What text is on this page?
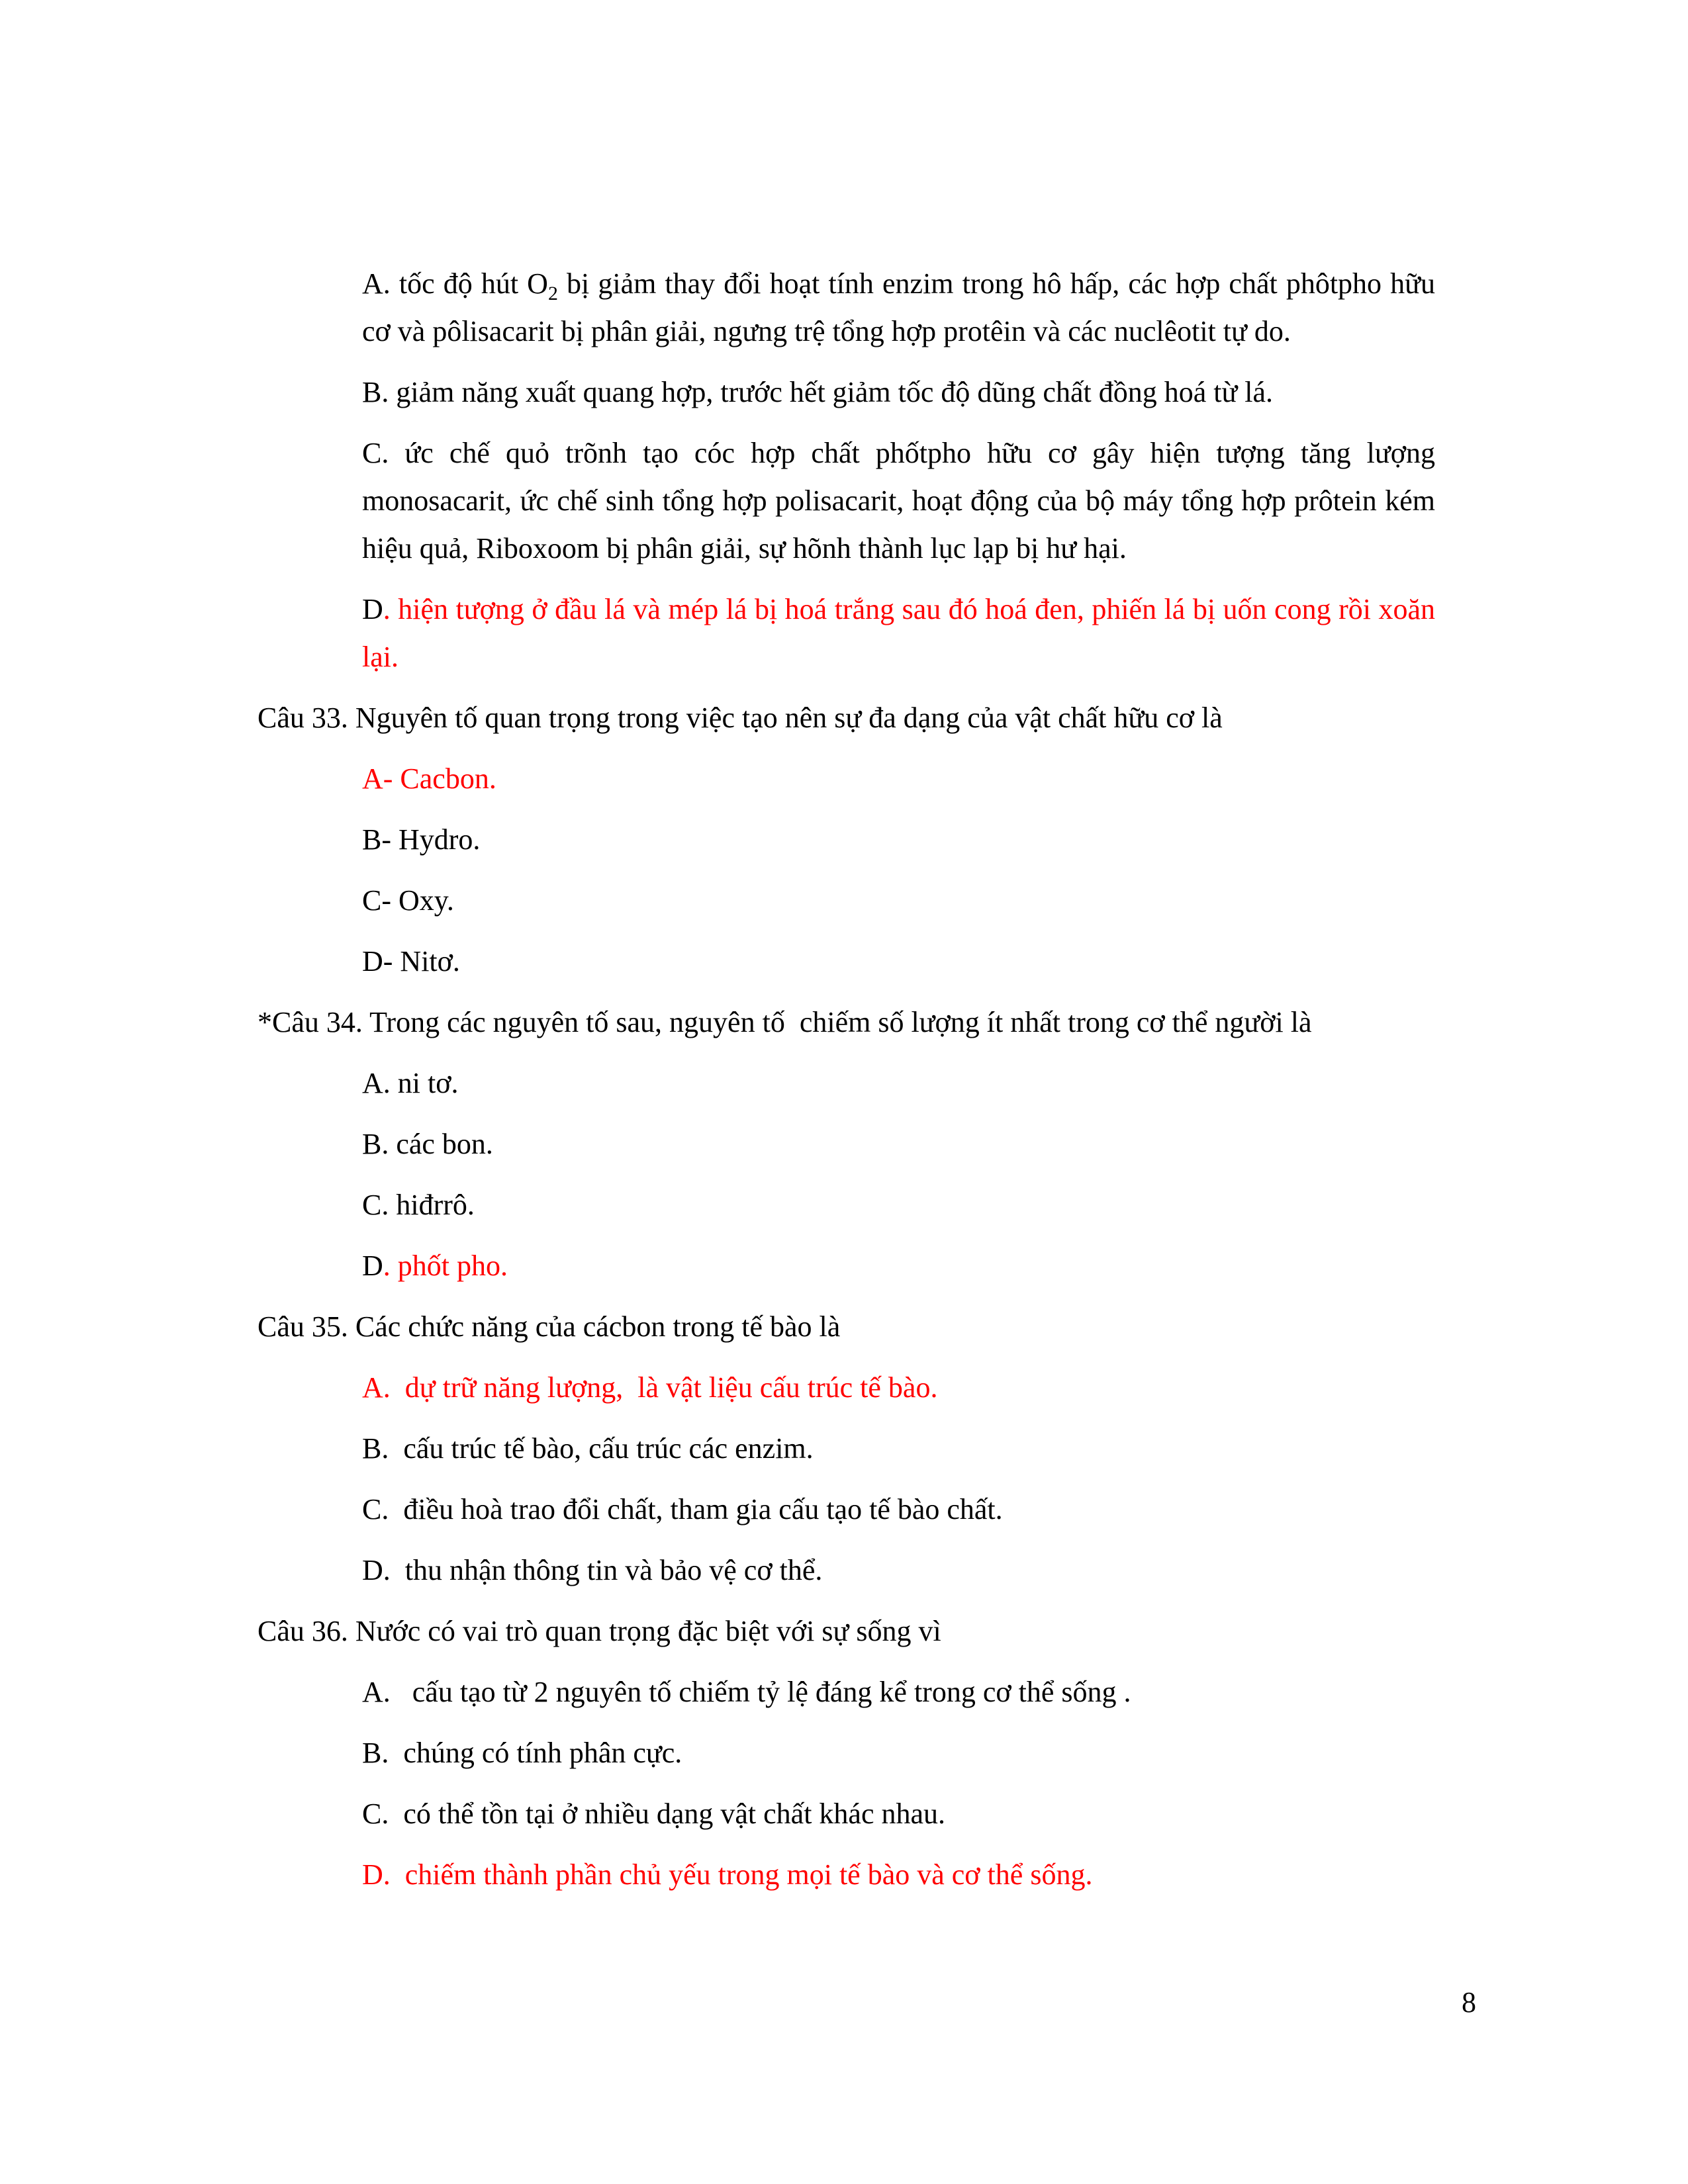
A. tốc độ hút $O_2$ bị giảm thay đổi hoạt tính enzim trong hô hấp, các hợp chất phôtpho hữu cơ và pôlisacarit bị phân giải, ngưng trệ tổng hợp protêin và các nuclêotit tự do.

B. giảm năng xuất quang hợp, trước hết giảm tốc độ dũng chất đồng hoá từ lá.

C. ức chế quỏ trõnh tạo cóc hợp chất phốtpho hữu cơ gây hiện tượng tăng lượng monosacarit, ức chế sinh tổng hợp polisacarit, hoạt động của bộ máy tổng hợp prôtein kém hiệu quả, Riboxoom bị phân giải, sự hõnh thành lục lạp bị hư hại.

D. hiện tượng ở đầu lá và mép lá bị hoá trắng sau đó hoá đen, phiến lá bị uốn cong rồi xoăn lại.

Câu 33. Nguyên tố quan trọng trong việc tạo nên sự đa dạng của vật chất hữu cơ là

A- Cacbon.

B- Hydro.

C- Oxy.

D- Nitơ.

*Câu 34. Trong các nguyên tố sau, nguyên tố  chiếm số lượng ít nhất trong cơ thể người là

A. ni tơ.

B. các bon.

C. hiđrrô.

D. phốt pho.

Câu 35. Các chức năng của cácbon trong tế bào là

A.  dự trữ năng lượng,  là vật liệu cấu trúc tế bào.

B.  cấu trúc tế bào, cấu trúc các enzim.

C.  điều hoà trao đổi chất, tham gia cấu tạo tế bào chất.

D.  thu nhận thông tin và bảo vệ cơ thể.

Câu 36. Nước có vai trò quan trọng đặc biệt với sự sống vì

A.   cấu tạo từ 2 nguyên tố chiếm tỷ lệ đáng kể trong cơ thể sống .

B.  chúng có tính phân cực.

C.  có thể tồn tại ở nhiều dạng vật chất khác nhau.

D.  chiếm thành phần chủ yếu trong mọi tế bào và cơ thể sống.

8
